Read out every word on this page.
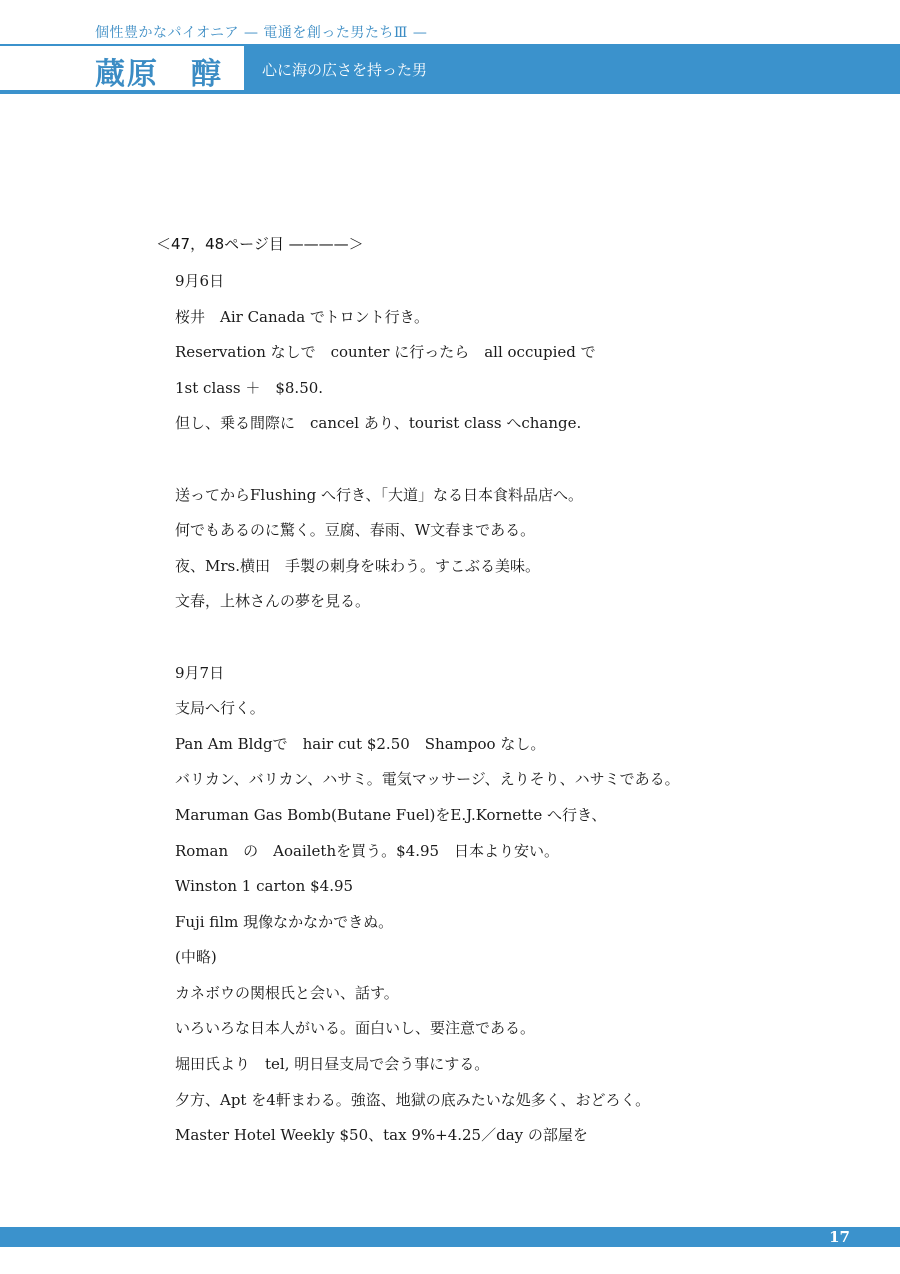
個性豊かなパイオニア — 電通を創った男たちⅢ —
蔵原　醇	心に海の広さを持った男
＜47，48ページ目 ————＞
9月6日
桜井　Air Canada でトロント行き。
Reservation なしで　counter に行ったら　all occupied で
1st class ＋　$8.50.
但し、乗る間際に　cancel あり、tourist class へchange.
送ってからFlushing へ行き、「大道」なる日本食料品店へ。
何でもあるのに驚く。豆腐、春雨、W文春まである。
夜、Mrs.横田　手製の刺身を味わう。すこぶる美味。
文春，上林さんの夢を見る。
9月7日
支局へ行く。
Pan Am Bldgで　hair cut $2.50　Shampoo なし。
バリカン、バリカン、ハサミ。電気マッサージ、えりそり、ハサミである。
Maruman Gas Bomb(Butane Fuel)をE.J.Kornette へ行き、
Roman　の　Aoailethを買う。$4.95　日本より安い。
Winston 1 carton $4.95
Fuji film 現像なかなかできぬ。
(中略)
カネボウの関根氏と会い、話す。
いろいろな日本人がいる。面白いし、要注意である。
堀田氏より　tel, 明日昼支局で会う事にする。
夕方、Apt を4軒まわる。強盗、地獄の底みたいな処多く、おどろく。
Master Hotel Weekly $50、tax 9%+4.25／day の部屋を
17
